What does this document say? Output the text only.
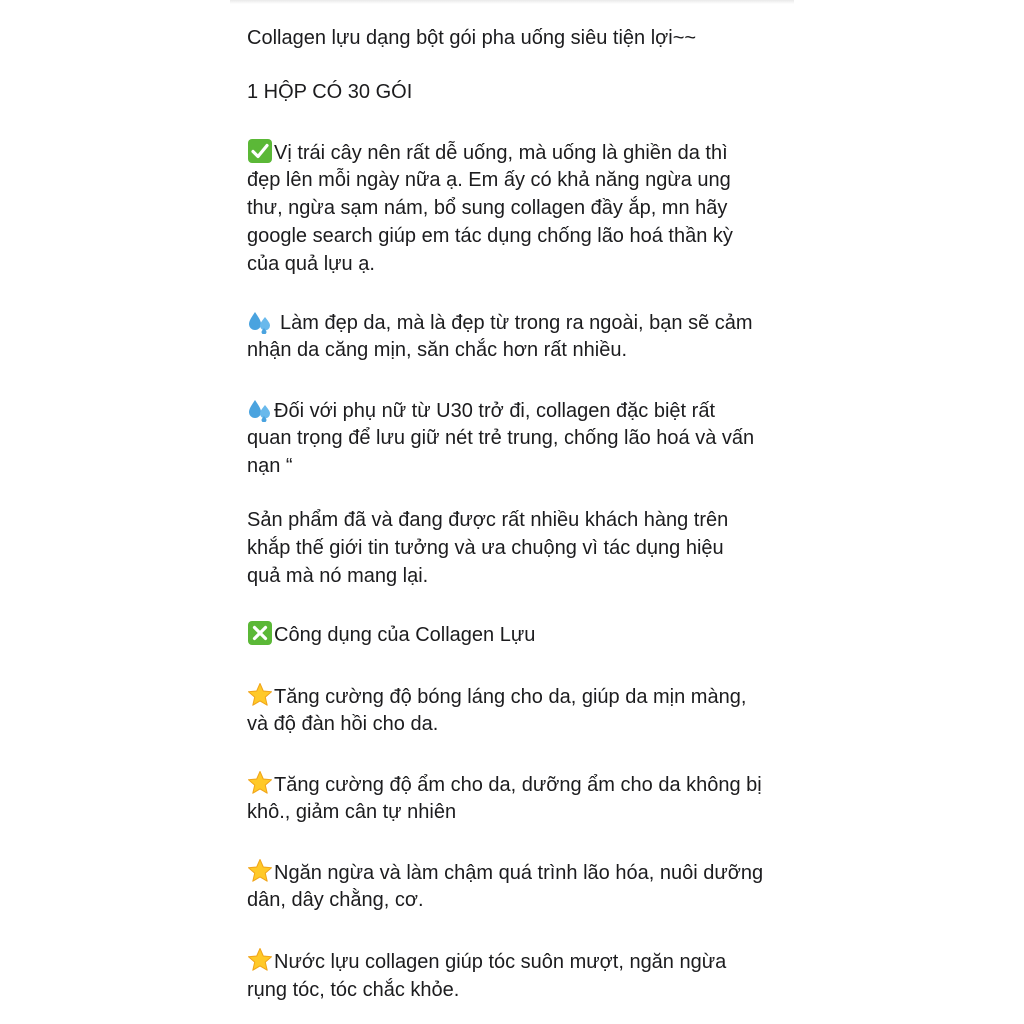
Collagen lựu dạng bột gói pha uống siêu tiện lợi~~
1 HỘP CÓ 30 GÓI
Vị trái cây nên rất dễ uống, mà uống là ghiền da thì
đẹp lên mỗi ngày nữa ạ. Em ấy có khả năng ngừa ung
thư, ngừa sạm nám, bổ sung collagen đầy ắp, mn hãy
google search giúp em tác dụng chống lão hoá thần kỳ
của quả lựu ạ.
Làm đẹp da, mà là đẹp từ trong ra ngoài, bạn sẽ cảm
nhận da căng mịn, săn chắc hơn rất nhiều.
Đối với phụ nữ từ U30 trở đi, collagen đặc biệt rất
quan trọng để lưu giữ nét trẻ trung, chống lão hoá và vấn
nạn “
Sản phẩm đã và đang được rất nhiều khách hàng trên
khắp thế giới tin tưởng và ưa chuộng vì tác dụng hiệu
quả mà nó mang lại.
Công dụng của Collagen Lựu
Tăng cường độ bóng láng cho da, giúp da mịn màng,
và độ đàn hồi cho da.
Tăng cường độ ẩm cho da, dưỡng ẩm cho da không bị
khô., giảm cân tự nhiên
Ngăn ngừa và làm chậm quá trình lão hóa, nuôi dưỡng
dân, dây chằng, cơ.
Nước lựu collagen giúp tóc suôn mượt, ngăn ngừa
rụng tóc, tóc chắc khỏe.
